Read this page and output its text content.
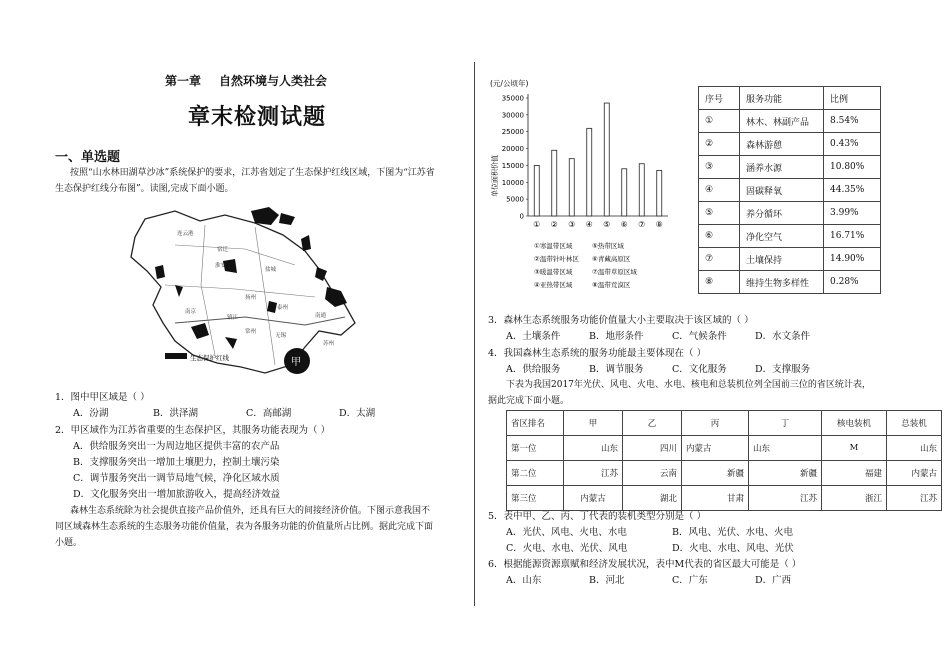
第一章 自然环境与人类社会
章末检测试题
一、单选题
按照“山水林田湖草沙冰”系统保护的要求，江苏省划定了生态保护红线区域，下图为“江苏省
生态保护红线分布图”。读图,完成下面小题。
甲
生态保护红线
连云港
宿迁
淮安
盐城
扬州
泰州
南通
南京
镇江
常州
无锡
苏州
1．图中甲区域是（ ）
A．汾湖	B．洪泽湖	C．高邮湖	D．太湖
2．甲区域作为江苏省重要的生态保护区，其服务功能表现为（ ）
A．供给服务突出一为周边地区提供丰富的农产品
B．支撑服务突出一增加土壤肥力，控制土壤污染
C．调节服务突出一调节局地气候，净化区域水质
D．文化服务突出一增加旅游收入，提高经济效益
森林生态系统除为社会提供直接产品价值外，还具有巨大的间接经济价值。下图示意我国不
同区域森林生态系统的生态服务功能价值量，表为各服务功能的价值量所占比例。据此完成下面
小题。
(元/公顷年)
单位面积价值
0
5000
10000
15000
20000
25000
30000
35000
① ② ③ ④ ⑤ ⑥ ⑦ ⑧
①寒温带区域	⑤热带区域
②温带针叶林区 ⑥青藏高原区
③暖温带区域	⑦温带草原区域
④亚热带区域	⑧温带荒漠区
序号	服务功能	比例
①	林木、林副产品	8.54%
②	森林游憩	0.43%
③	涵养水源	10.80%
④	固碳释氧	44.35%
⑤	养分循环	3.99%
⑥	净化空气	16.71%
⑦	土壤保持	14.90%
⑧	维持生物多样性	0.28%
3．森林生态系统服务功能价值量大小主要取决于该区域的（ ）
A．土壤条件	B．地形条件	C．气候条件	D．水文条件
4．我国森林生态系统的服务功能最主要体现在（ ）
A．供给服务	B．调节服务	C．文化服务	D．支撑服务
下表为我国2017年光伏、风电、火电、水电、核电和总装机位列全国前三位的省区统计表，
据此完成下面小题。
省区排名	甲	乙	丙	丁	核电装机	总装机
第一位	山东	四川	内蒙古	山东	M	山东
第二位	江苏	云南	新疆	新疆	福建	内蒙古
第三位	内蒙古	湖北	甘肃	江苏	浙江	江苏
5．表中甲、乙、丙、丁代表的装机类型分别是（ ）
A．光伏、风电、火电、水电	B．风电、光伏、水电、火电
C．火电、水电、光伏、风电	D．火电、水电、风电、光伏
6．根据能源资源禀赋和经济发展状况，表中M代表的省区最大可能是（ ）
A．山东	B．河北	C．广东	D．广西
